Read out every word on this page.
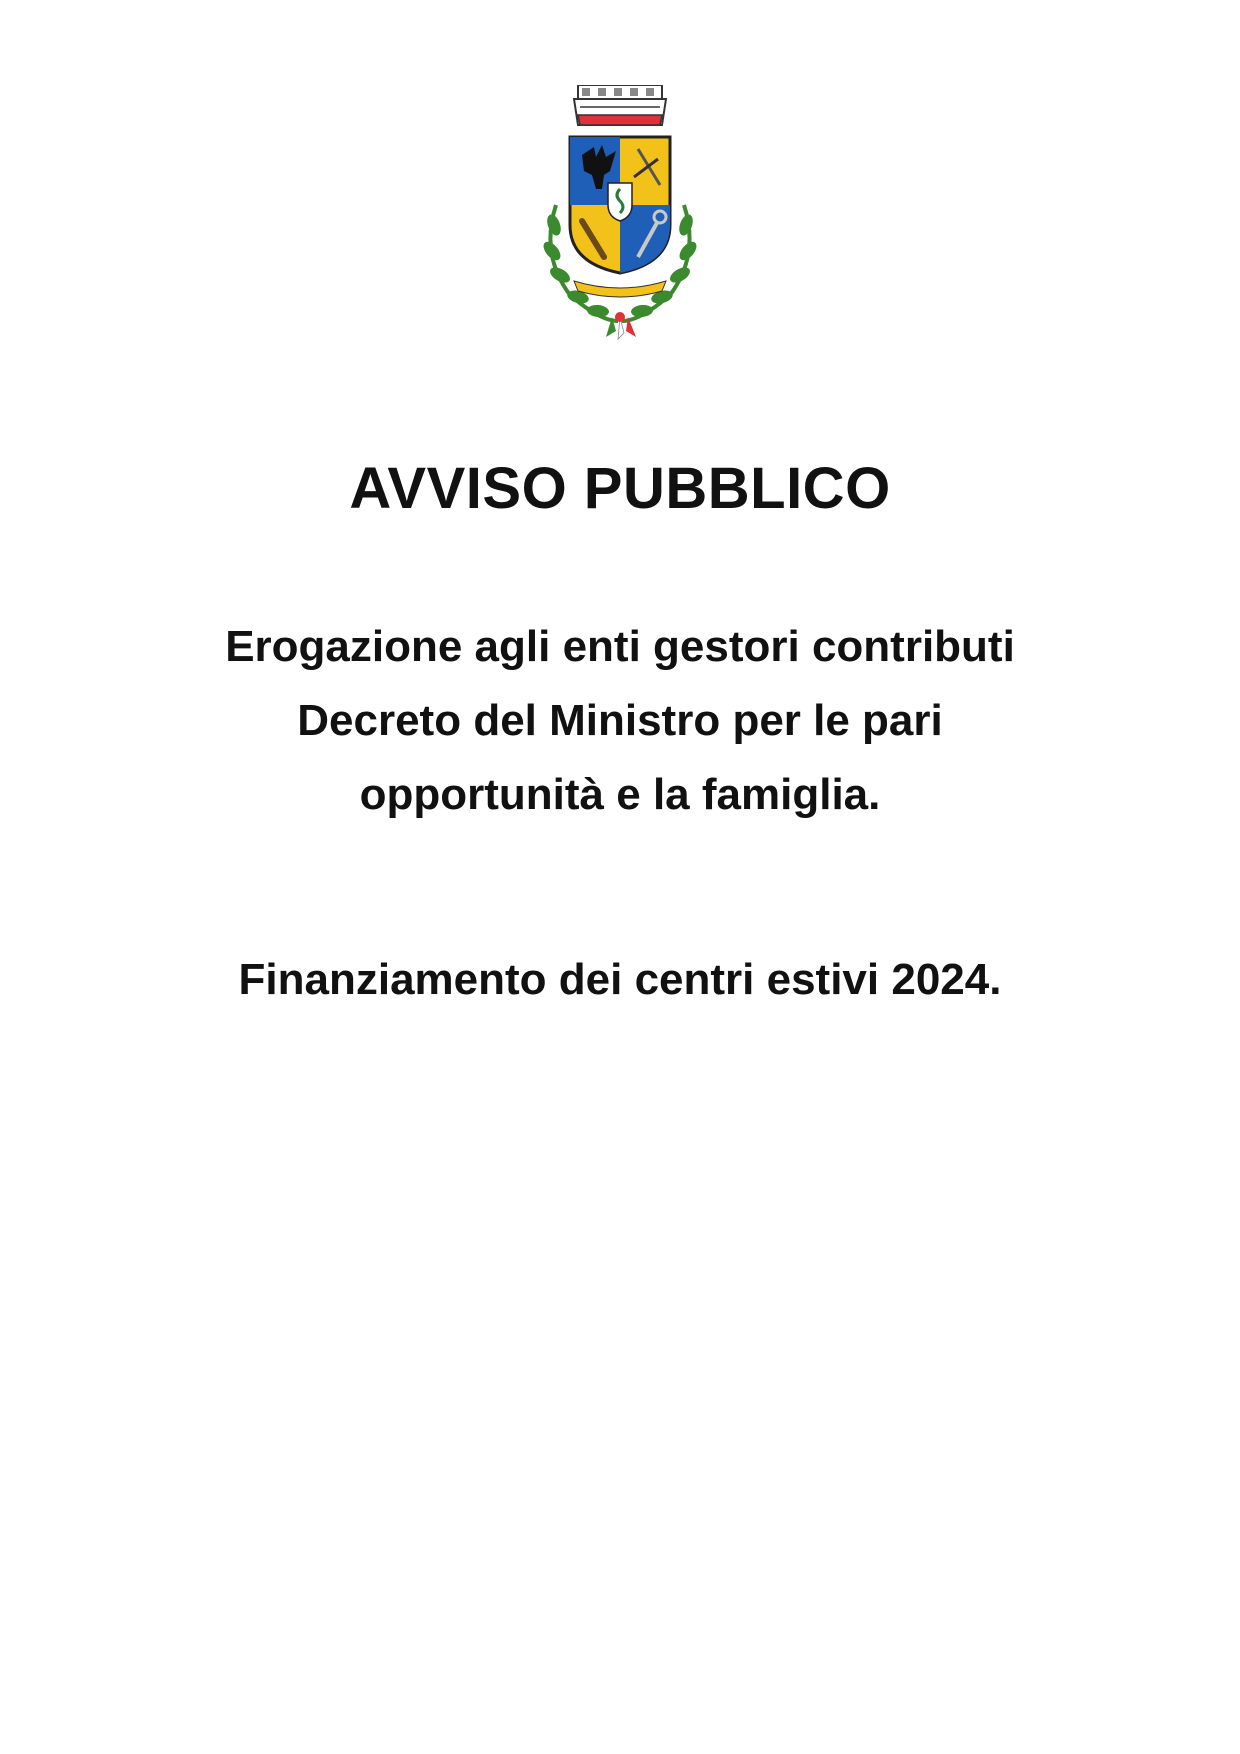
AVVISO PUBBLICO
Erogazione agli enti gestori contributi
Decreto del Ministro per le pari
opportunità e la famiglia.
Finanziamento dei centri estivi 2024.
